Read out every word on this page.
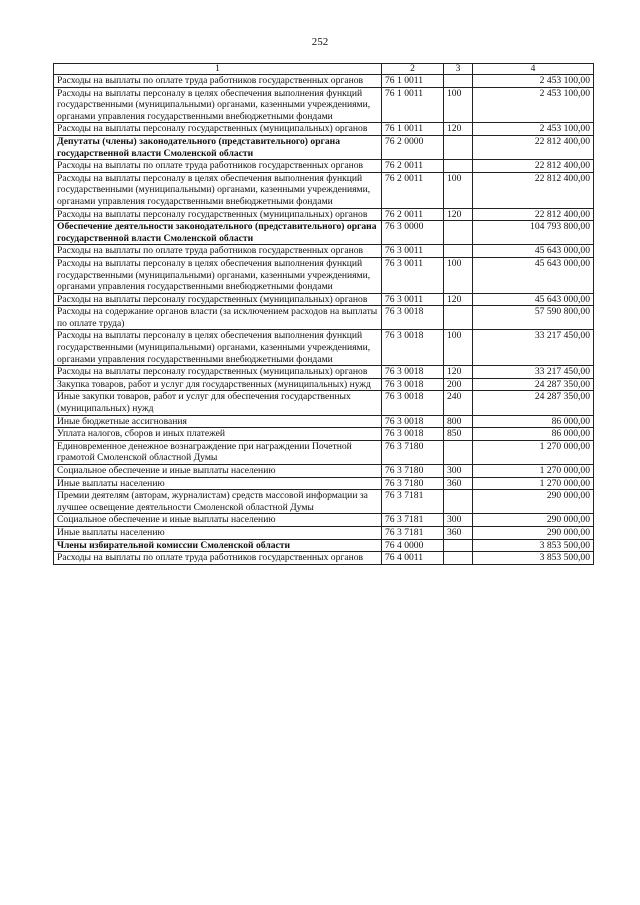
252
1	2	3	4
Расходы на выплаты по оплате труда работников государственных органов	76 1 0011		2 453 100,00
Расходы на выплаты персоналу в целях обеспечения выполнения функций государственными (муниципальными) органами, казенными учреждениями, органами управления государственными внебюджетными фондами	76 1 0011	100	2 453 100,00
Расходы на выплаты персоналу государственных (муниципальных) органов	76 1 0011	120	2 453 100,00
Депутаты (члены) законодательного (представительного) органа государственной власти Смоленской области	76 2 0000		22 812 400,00
Расходы на выплаты по оплате труда работников государственных органов	76 2 0011		22 812 400,00
Расходы на выплаты персоналу в целях обеспечения выполнения функций государственными (муниципальными) органами, казенными учреждениями, органами управления государственными внебюджетными фондами	76 2 0011	100	22 812 400,00
Расходы на выплаты персоналу государственных (муниципальных) органов	76 2 0011	120	22 812 400,00
Обеспечение деятельности законодательного (представительного) органа государственной власти Смоленской области	76 3 0000		104 793 800,00
Расходы на выплаты по оплате труда работников государственных органов	76 3 0011		45 643 000,00
Расходы на выплаты персоналу в целях обеспечения выполнения функций государственными (муниципальными) органами, казенными учреждениями, органами управления государственными внебюджетными фондами	76 3 0011	100	45 643 000,00
Расходы на выплаты персоналу государственных (муниципальных) органов	76 3 0011	120	45 643 000,00
Расходы на содержание органов власти (за исключением расходов на выплаты по оплате труда)	76 3 0018		57 590 800,00
Расходы на выплаты персоналу в целях обеспечения выполнения функций государственными (муниципальными) органами, казенными учреждениями, органами управления государственными внебюджетными фондами	76 3 0018	100	33 217 450,00
Расходы на выплаты персоналу государственных (муниципальных) органов	76 3 0018	120	33 217 450,00
Закупка товаров, работ и услуг для государственных (муниципальных) нужд	76 3 0018	200	24 287 350,00
Иные закупки товаров, работ и услуг для обеспечения государственных (муниципальных) нужд	76 3 0018	240	24 287 350,00
Иные бюджетные ассигнования	76 3 0018	800	86 000,00
Уплата налогов, сборов и иных платежей	76 3 0018	850	86 000,00
Единовременное денежное вознаграждение при награждении Почетной грамотой Смоленской областной Думы	76 3 7180		1 270 000,00
Социальное обеспечение и иные выплаты населению	76 3 7180	300	1 270 000,00
Иные выплаты населению	76 3 7180	360	1 270 000,00
Премии деятелям (авторам, журналистам) средств массовой информации за лучшее освещение деятельности Смоленской областной Думы	76 3 7181		290 000,00
Социальное обеспечение и иные выплаты населению	76 3 7181	300	290 000,00
Иные выплаты населению	76 3 7181	360	290 000,00
Члены избирательной комиссии Смоленской области	76 4 0000		3 853 500,00
Расходы на выплаты по оплате труда работников государственных органов	76 4 0011		3 853 500,00
